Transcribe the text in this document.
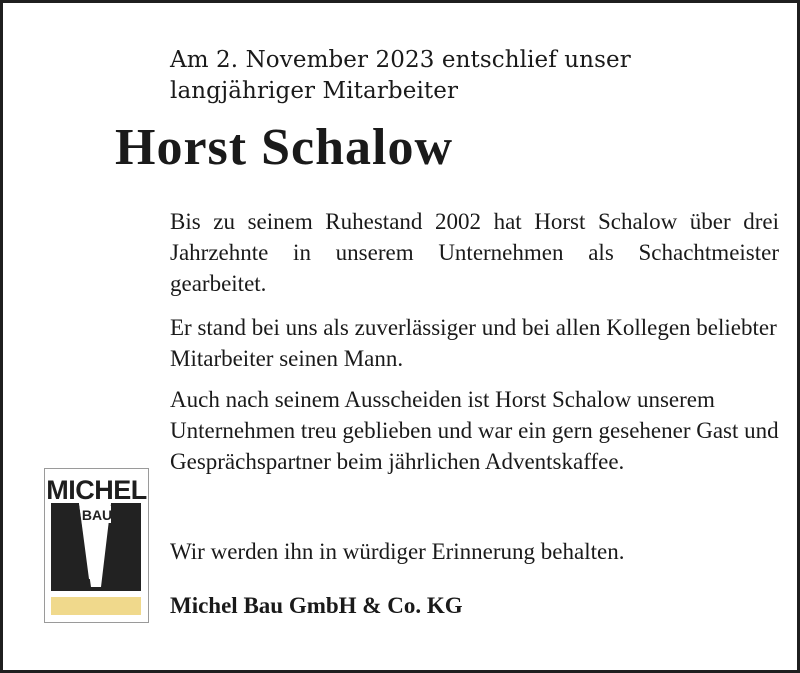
Am 2. November 2023 entschlief unser langjähriger Mitarbeiter
Horst Schalow
Bis zu seinem Ruhestand 2002 hat Horst Schalow über drei Jahrzehnte in unserem Unternehmen als Schachtmeister gearbeitet.
Er stand bei uns als zuverlässiger und bei allen Kollegen beliebter Mitarbeiter seinen Mann.
Auch nach seinem Ausscheiden ist Horst Schalow unserem Unternehmen treu geblieben und war ein gern gesehener Gast und Gesprächspartner beim jährlichen Adventskaffee.
Wir werden ihn in würdiger Erinnerung behalten.
Michel Bau GmbH & Co. KG
MICHEL
BAU
